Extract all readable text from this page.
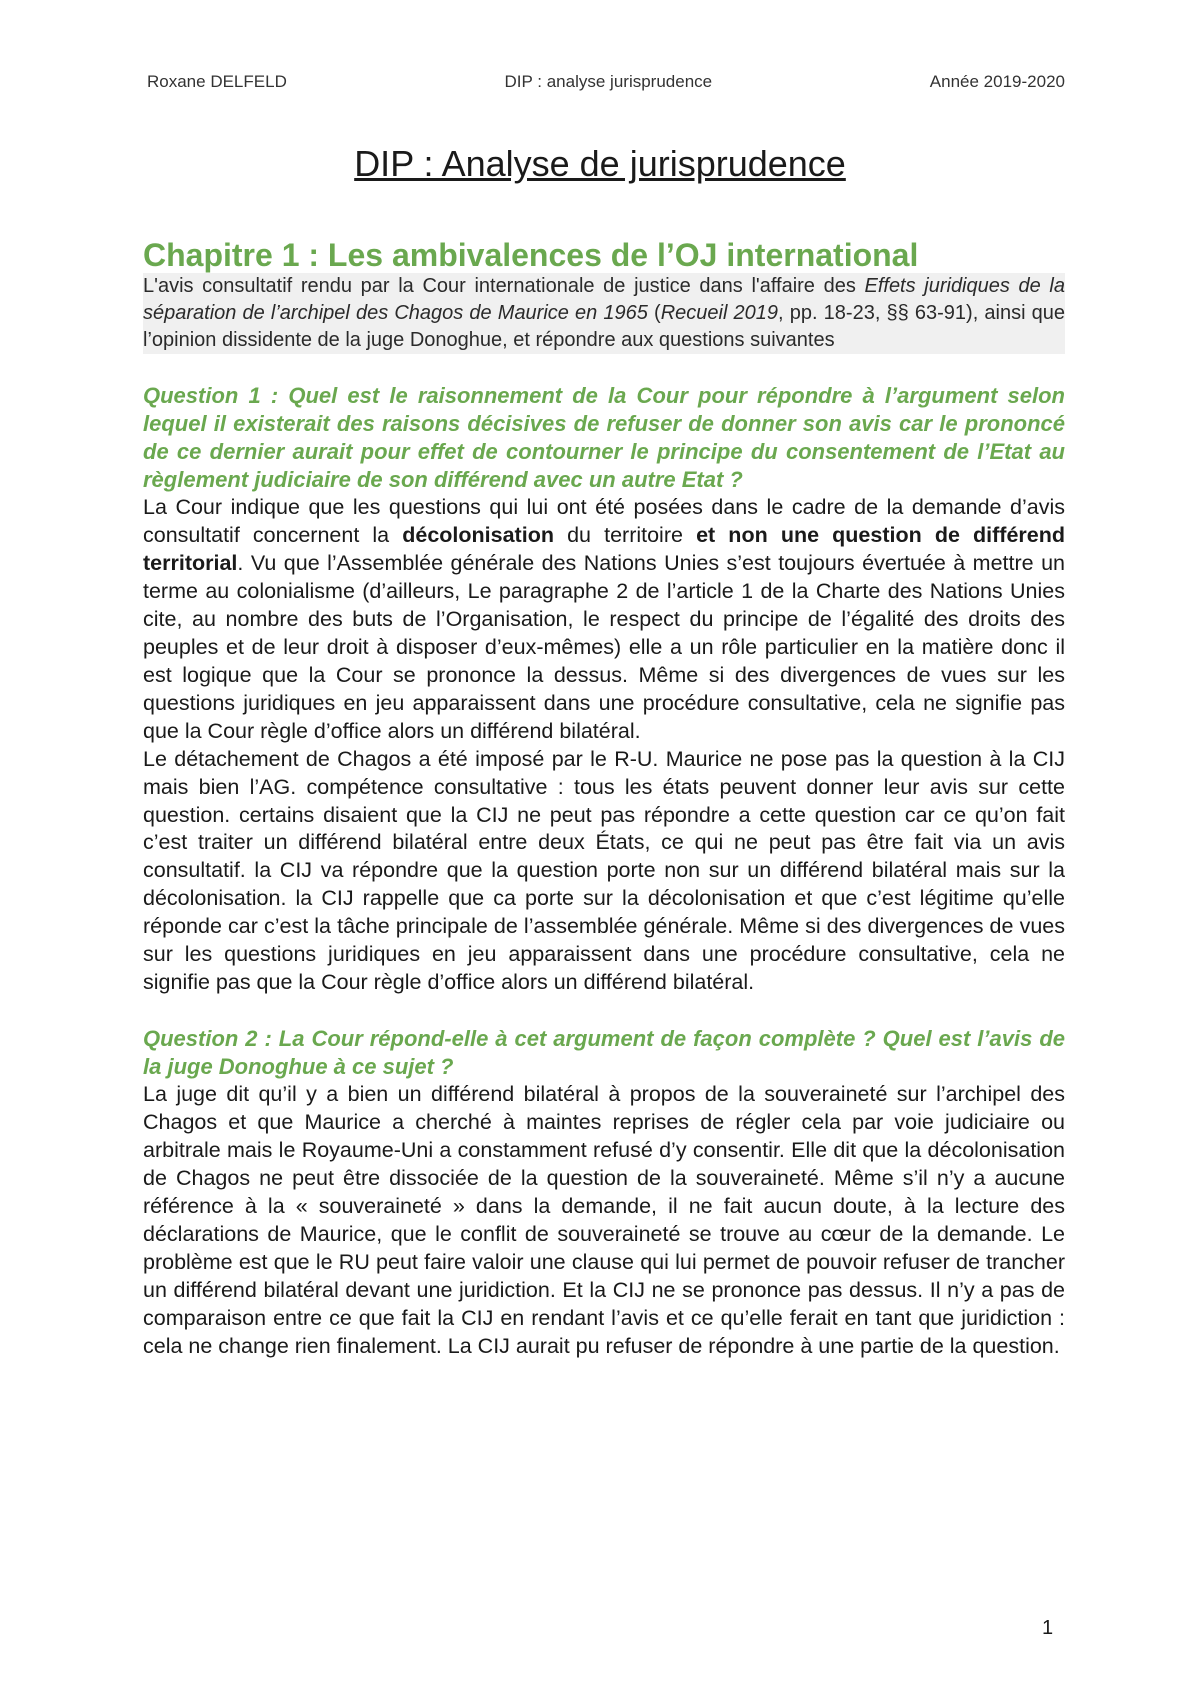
Roxane DELFELD	DIP : analyse jurisprudence	Année 2019-2020
DIP : Analyse de jurisprudence
Chapitre 1 : Les ambivalences de l’OJ international

L'avis consultatif rendu par la Cour internationale de justice dans l'affaire des Effets juridiques de la séparation de l’archipel des Chagos de Maurice en 1965 (Recueil 2019, pp. 18-23, §§ 63-91), ainsi que l’opinion dissidente de la juge Donoghue, et répondre aux questions suivantes

Question 1 : Quel est le raisonnement de la Cour pour répondre à l’argument selon lequel il existerait des raisons décisives de refuser de donner son avis car le prononcé de ce dernier aurait pour effet de contourner le principe du consentement de l’Etat au règlement judiciaire de son différend avec un autre Etat ?

La Cour indique que les questions qui lui ont été posées dans le cadre de la demande d’avis consultatif concernent la décolonisation du territoire et non une question de différend territorial. Vu que l’Assemblée générale des Nations Unies s’est toujours évertuée à mettre un terme au colonialisme (d’ailleurs, Le paragraphe 2 de l’article 1 de la Charte des Nations Unies cite, au nombre des buts de l’Organisation, le respect du principe de l’égalité des droits des peuples et de leur droit à disposer d’eux-mêmes) elle a un rôle particulier en la matière donc il est logique que la Cour se prononce la dessus. Même si des divergences de vues sur les questions juridiques en jeu apparaissent dans une procédure consultative, cela ne signifie pas que la Cour règle d’office alors un différend bilatéral.

Le détachement de Chagos a été imposé par le R-U. Maurice ne pose pas la question à la CIJ mais bien l’AG. compétence consultative : tous les états peuvent donner leur avis sur cette question. certains disaient que la CIJ ne peut pas répondre a cette question car ce qu’on fait c’est traiter un différend bilatéral entre deux États, ce qui ne peut pas être fait via un avis consultatif. la CIJ va répondre que la question porte non sur un différend bilatéral mais sur la décolonisation. la CIJ rappelle que ca porte sur la décolonisation et que c’est légitime qu’elle réponde car c’est la tâche principale de l’assemblée générale. Même si des divergences de vues sur les questions juridiques en jeu apparaissent dans une procédure consultative, cela ne signifie pas que la Cour règle d’office alors un différend bilatéral.

Question 2 : La Cour répond-elle à cet argument de façon complète ? Quel est l’avis de la juge Donoghue à ce sujet ?

La juge dit qu’il y a bien un différend bilatéral à propos de la souveraineté sur l’archipel des Chagos et que Maurice a cherché à maintes reprises de régler cela par voie judiciaire ou arbitrale mais le Royaume-Uni a constamment refusé d’y consentir. Elle dit que la décolonisation de Chagos ne peut être dissociée de la question de la souveraineté. Même s’il n’y a aucune référence à la « souveraineté » dans la demande, il ne fait aucun doute, à la lecture des déclarations de Maurice, que le conflit de souveraineté se trouve au cœur de la demande. Le problème est que le RU peut faire valoir une clause qui lui permet de pouvoir refuser de trancher un différend bilatéral devant une juridiction. Et la CIJ ne se prononce pas dessus. Il n’y a pas de comparaison entre ce que fait la CIJ en rendant l’avis et ce qu’elle ferait en tant que juridiction : cela ne change rien finalement. La CIJ aurait pu refuser de répondre à une partie de la question.

1
